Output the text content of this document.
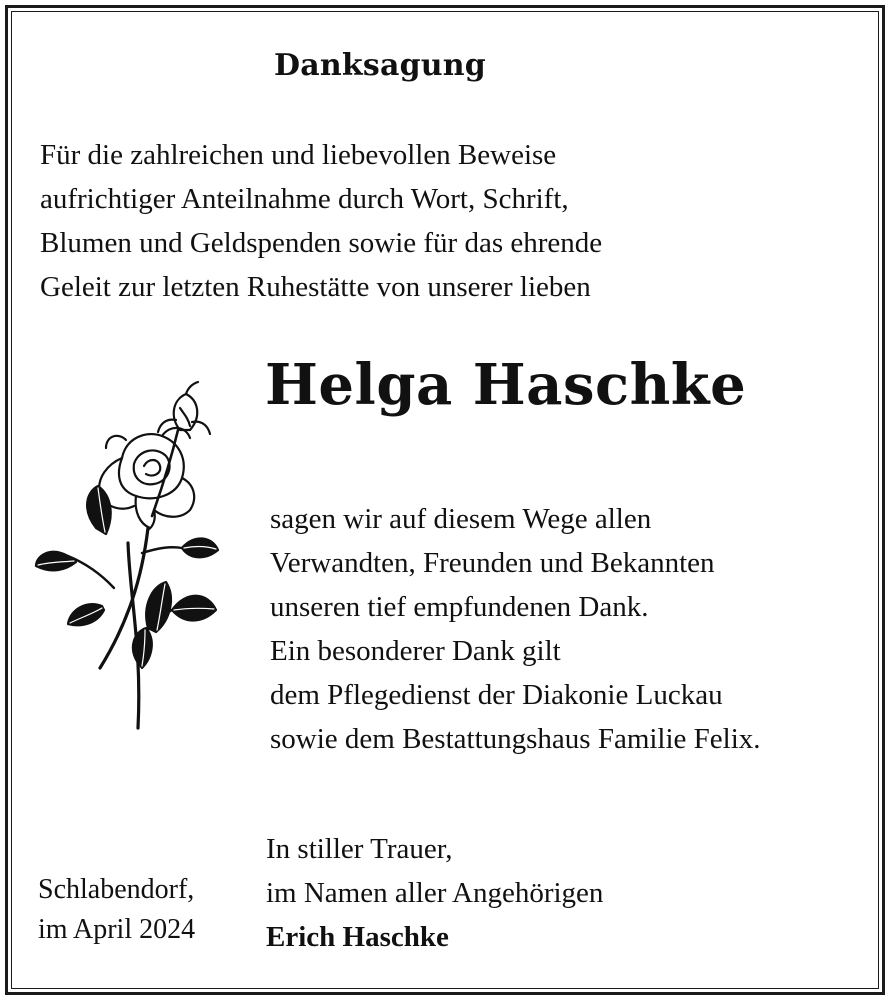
Danksagung
Für die zahlreichen und liebevollen Beweise
aufrichtiger Anteilnahme durch Wort, Schrift,
Blumen und Geldspenden sowie für das ehrende
Geleit zur letzten Ruhestätte von unserer lieben
Helga Haschke
sagen wir auf diesem Wege allen
Verwandten, Freunden und Bekannten
unseren tief empfundenen Dank.
Ein besonderer Dank gilt
dem Pflegedienst der Diakonie Luckau
sowie dem Bestattungshaus Familie Felix.
Schlabendorf,
im April 2024
In stiller Trauer,
im Namen aller Angehörigen
Erich Haschke
